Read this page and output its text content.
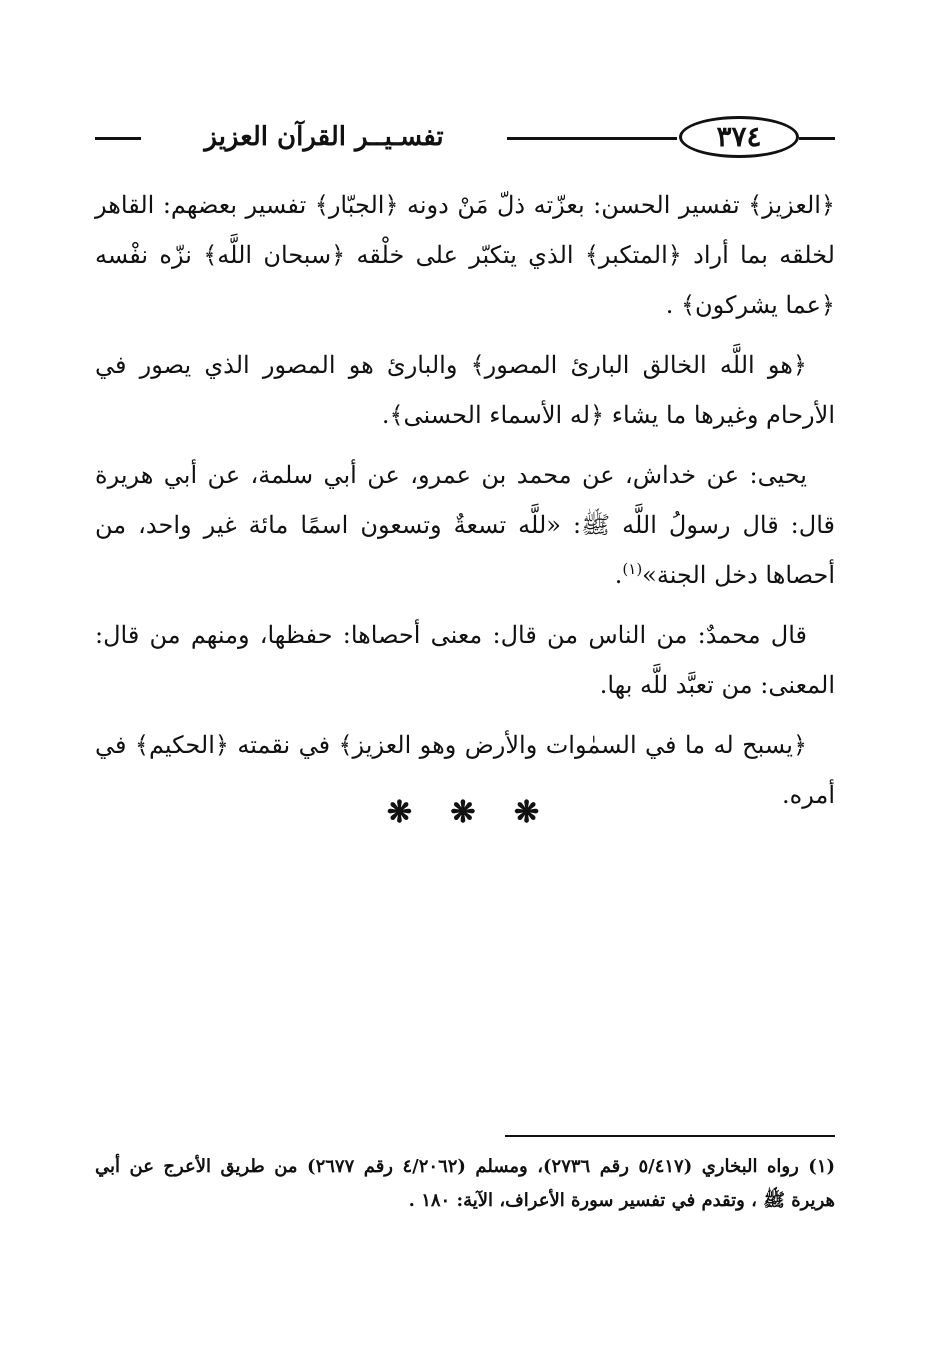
٣٧٤
تفسـيــر القرآن العزيز

﴿العزيز﴾ تفسير الحسن: بعزّته ذلّ مَنْ دونه ﴿الجبّار﴾ تفسير بعضهم: القاهر لخلقه بما أراد ﴿المتكبر﴾ الذي يتكبّر على خلْقه ﴿سبحان اللَّه﴾ نزّه نفْسه ﴿عما يشركون﴾ .

﴿هو اللَّه الخالق البارئ المصور﴾ والبارئ هو المصور الذي يصور في الأرحام وغيرها ما يشاء ﴿له الأسماء الحسنى﴾.

يحيى: عن خداش، عن محمد بن عمرو، عن أبي سلمة، عن أبي هريرة قال: قال رسولُ اللَّه ﷺ: «للَّه تسعةٌ وتسعون اسمًا مائة غير واحد، من أحصاها دخل الجنة»$^{(١)}$.

قال محمدٌ: من الناس من قال: معنى أحصاها: حفظها، ومنهم من قال: المعنى: من تعبَّد للَّه بها.

﴿يسبح له ما في السمٰوات والأرض وهو العزيز﴾ في نقمته ﴿الحكيم﴾ في أمره.

❋ ❋ ❋
(١) رواه البخاري (٥/٤١٧ رقم ٢٧٣٦)، ومسلم (٤/٢٠٦٢ رقم ٢٦٧٧) من طريق الأعرج عن أبي هريرة ﷺ ، وتقدم في تفسير سورة الأعراف، الآية: ١٨٠ .
